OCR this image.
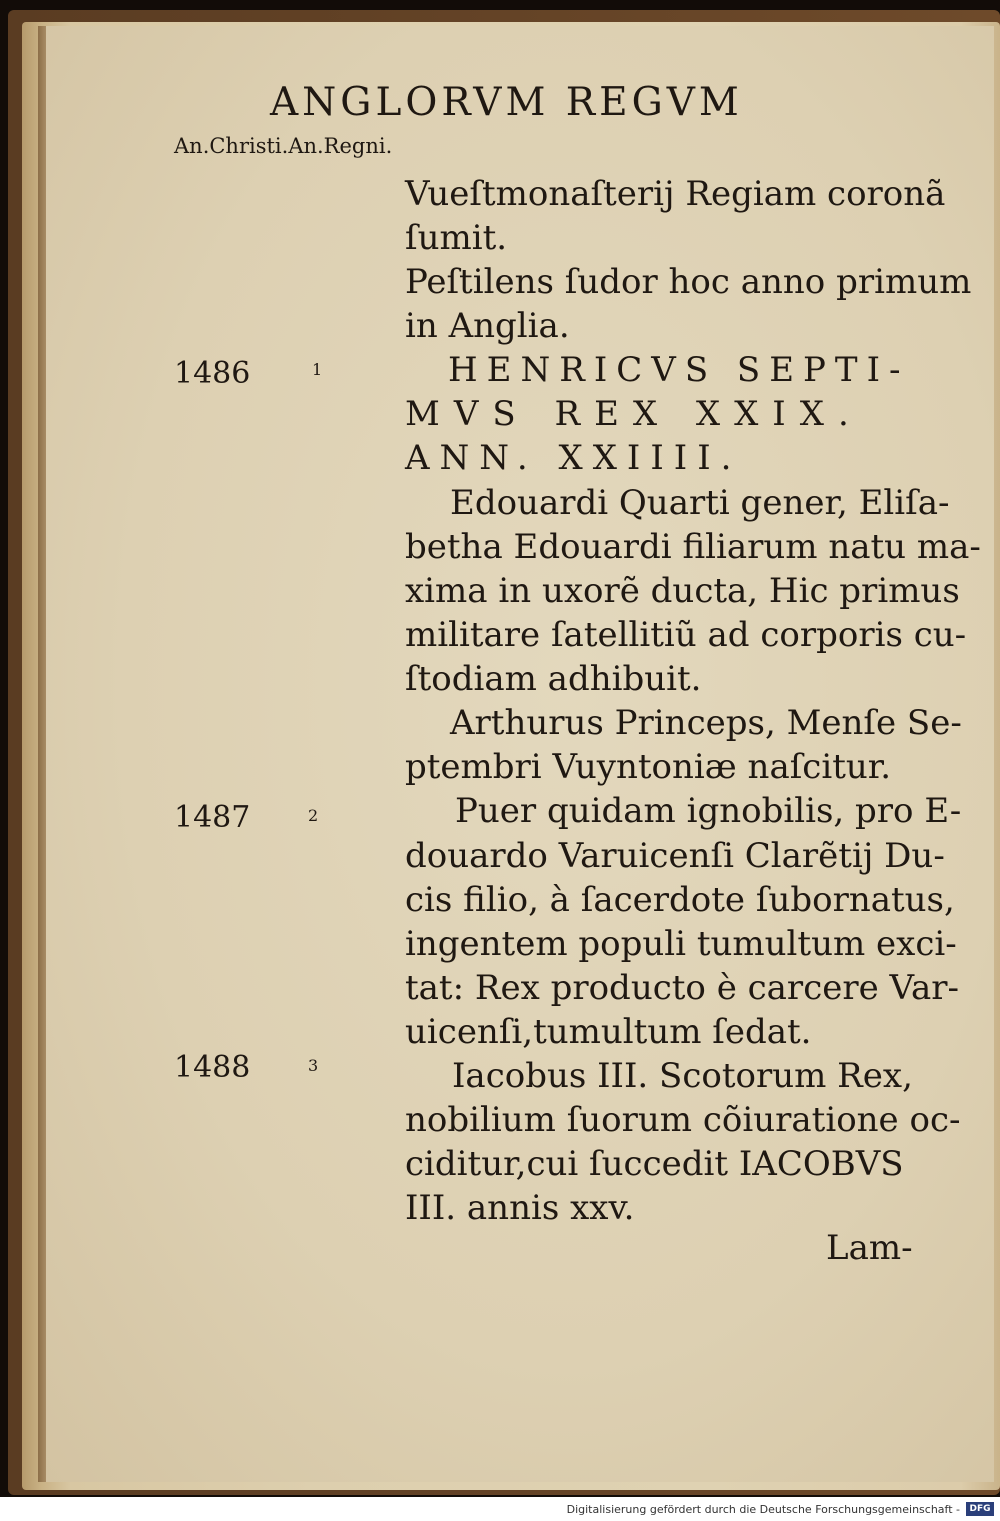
ANGLORVM REGVM
An.Christi.An.Regni.
1486	1
1487	2
1488	3
Vueſtmonaſterij Regiam coronã
ſumit.
Peſtilens ſudor hoc anno primum
in Anglia.
HENRICVS SEPTI-
MVS REX XXIX.
ANN. XXIIII.
Edouardi Quarti gener, Eliſa-
betha Edouardi filiarum natu ma-
xima in uxorẽ ducta, Hic primus
militare ſatellitiũ ad corporis cu-
ſtodiam adhibuit.
Arthurus Princeps, Menſe Se-
ptembri Vuyntoniæ naſcitur.
Puer quidam ignobilis, pro E-
douardo Varuicenſi Clarẽtij Du-
cis filio, à ſacerdote ſubornatus,
ingentem populi tumultum exci-
tat: Rex producto è carcere Var-
uicenſi,tumultum ſedat.
Iacobus III. Scotorum Rex,
nobilium ſuorum cõiuratione oc-
ciditur,cui ſuccedit IACOBVS
III. annis xxv.
Lam-
Digitalisierung gefördert durch die Deutsche Forschungsgemeinschaft -	DFG
